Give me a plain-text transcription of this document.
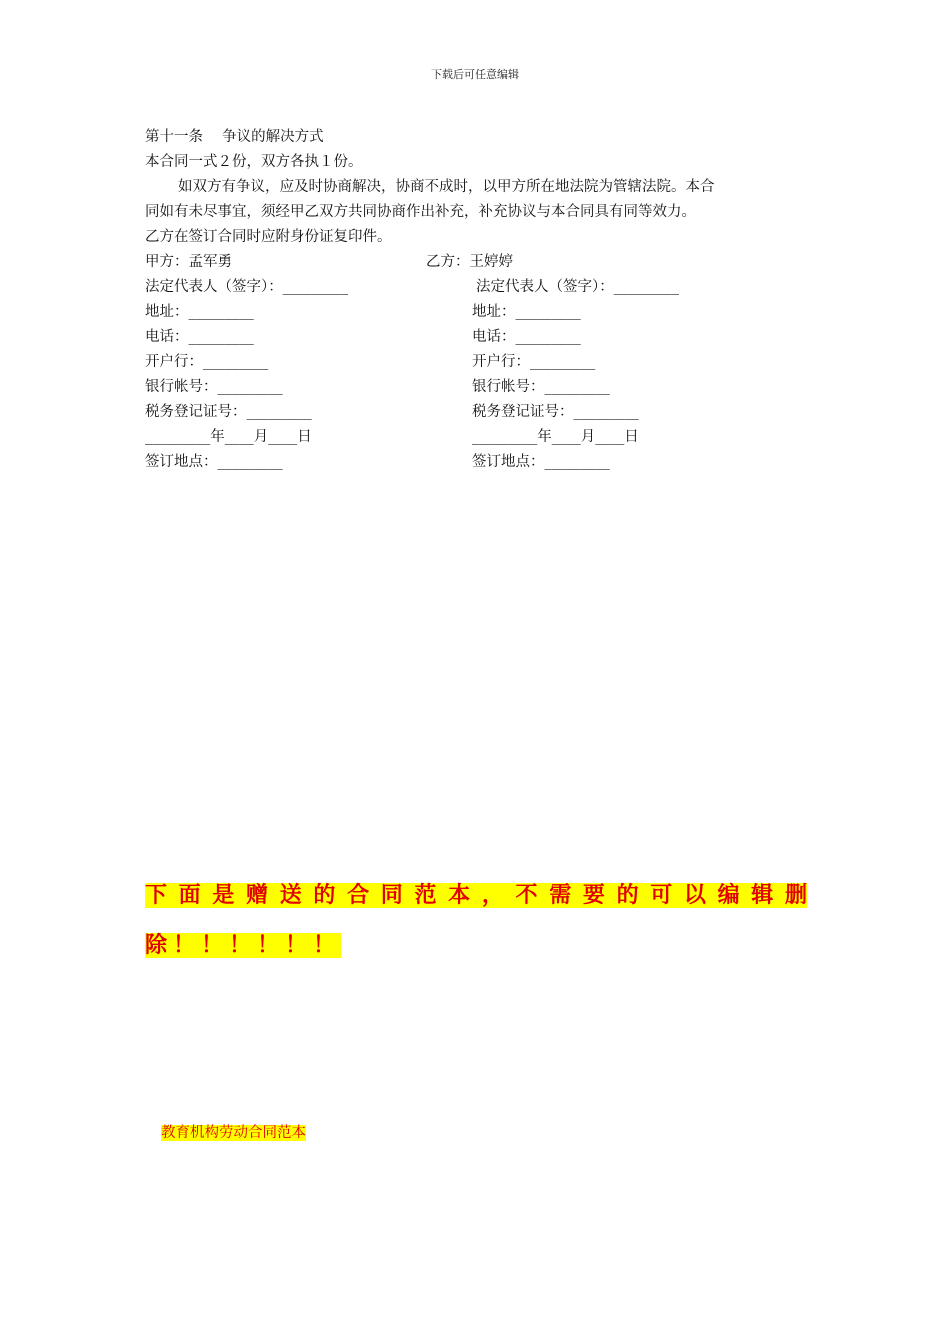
下载后可任意编辑
第十一条　 争议的解决方式
本合同一式２份，双方各执１份。
如双方有争议，应及时协商解决，协商不成时，以甲方所在地法院为管辖法院。本合
同如有未尽事宜，须经甲乙双方共同协商作出补充，补充协议与本合同具有同等效力。
乙方在签订合同时应附身份证复印件。
甲方：孟军勇
法定代表人（签字）：_________
地址：_________
电话：_________
开户行：_________
银行帐号：_________
税务登记证号：_________
_________年____月____日
签订地点：_________
乙方：王婷婷
法定代表人（签字）：_________
地址：_________
电话：_________
开户行：_________
银行帐号：_________
税务登记证号：_________
_________年____月____日
签订地点：_________
下面是赠送的合同范本，不需要的可以编辑删
除！！！！！！
教育机构劳动合同范本
